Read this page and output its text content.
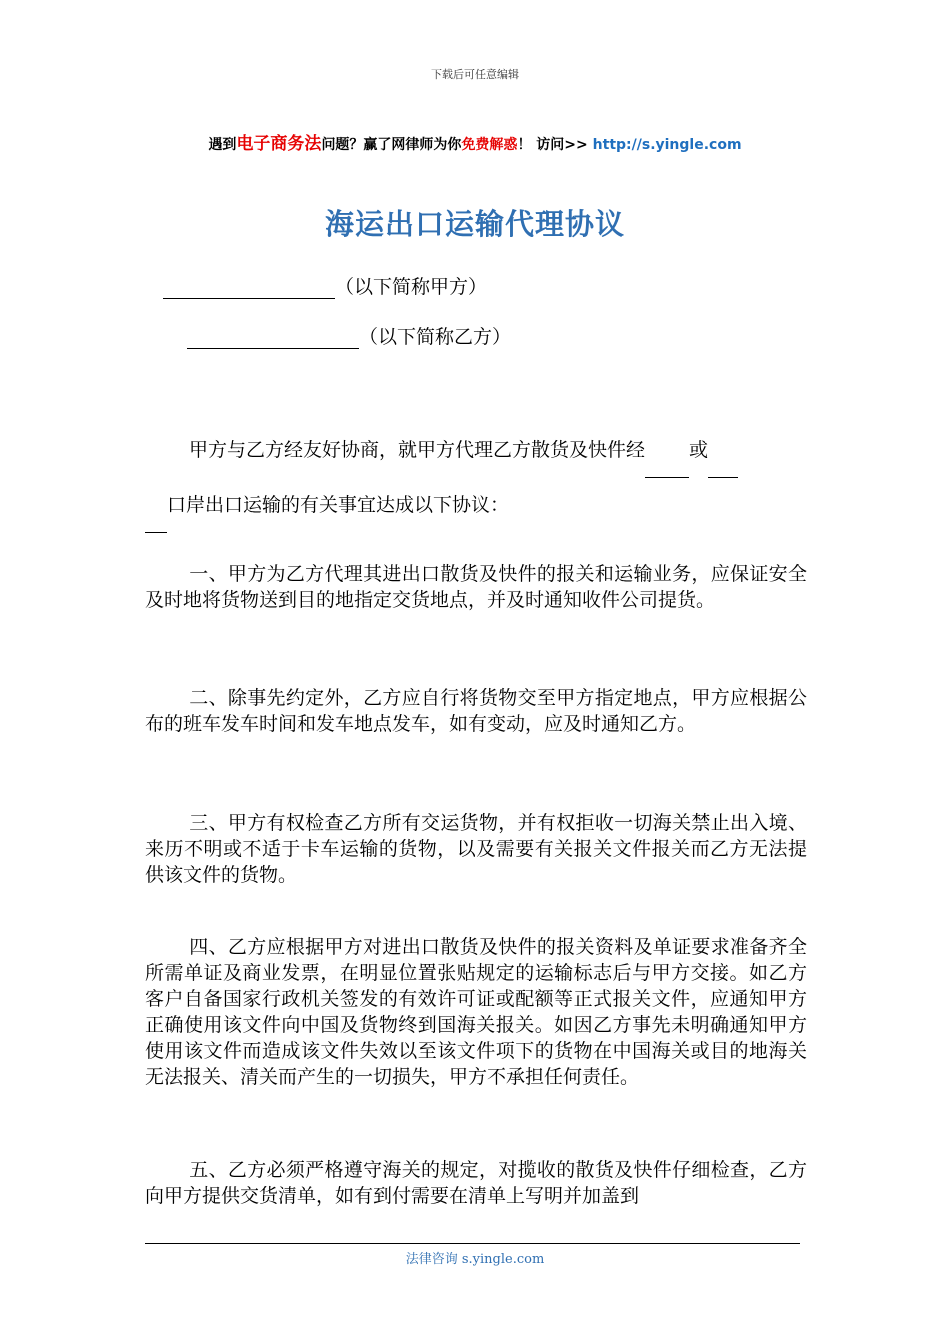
下载后可任意编辑
遇到电子商务法问题？赢了网律师为你免费解惑！ 访问>> http://s.yingle.com
海运出口运输代理协议
（以下简称甲方）
（以下简称乙方）
甲方与乙方经友好协商，就甲方代理乙方散货及快件经 或
口岸出口运输的有关事宜达成以下协议：
一、甲方为乙方代理其进出口散货及快件的报关和运输业务，应保证安全及时地将货物送到目的地指定交货地点，并及时通知收件公司提货。
二、除事先约定外，乙方应自行将货物交至甲方指定地点，甲方应根据公布的班车发车时间和发车地点发车，如有变动，应及时通知乙方。
三、甲方有权检查乙方所有交运货物，并有权拒收一切海关禁止出入境、来历不明或不适于卡车运输的货物，以及需要有关报关文件报关而乙方无法提供该文件的货物。
四、乙方应根据甲方对进出口散货及快件的报关资料及单证要求准备齐全所需单证及商业发票，在明显位置张贴规定的运输标志后与甲方交接。如乙方客户自备国家行政机关签发的有效许可证或配额等正式报关文件，应通知甲方正确使用该文件向中国及货物终到国海关报关。如因乙方事先未明确通知甲方使用该文件而造成该文件失效以至该文件项下的货物在中国海关或目的地海关无法报关、清关而产生的一切损失，甲方不承担任何责任。
五、乙方必须严格遵守海关的规定，对揽收的散货及快件仔细检查，乙方向甲方提供交货清单，如有到付需要在清单上写明并加盖到
法律咨询 s.yingle.com
